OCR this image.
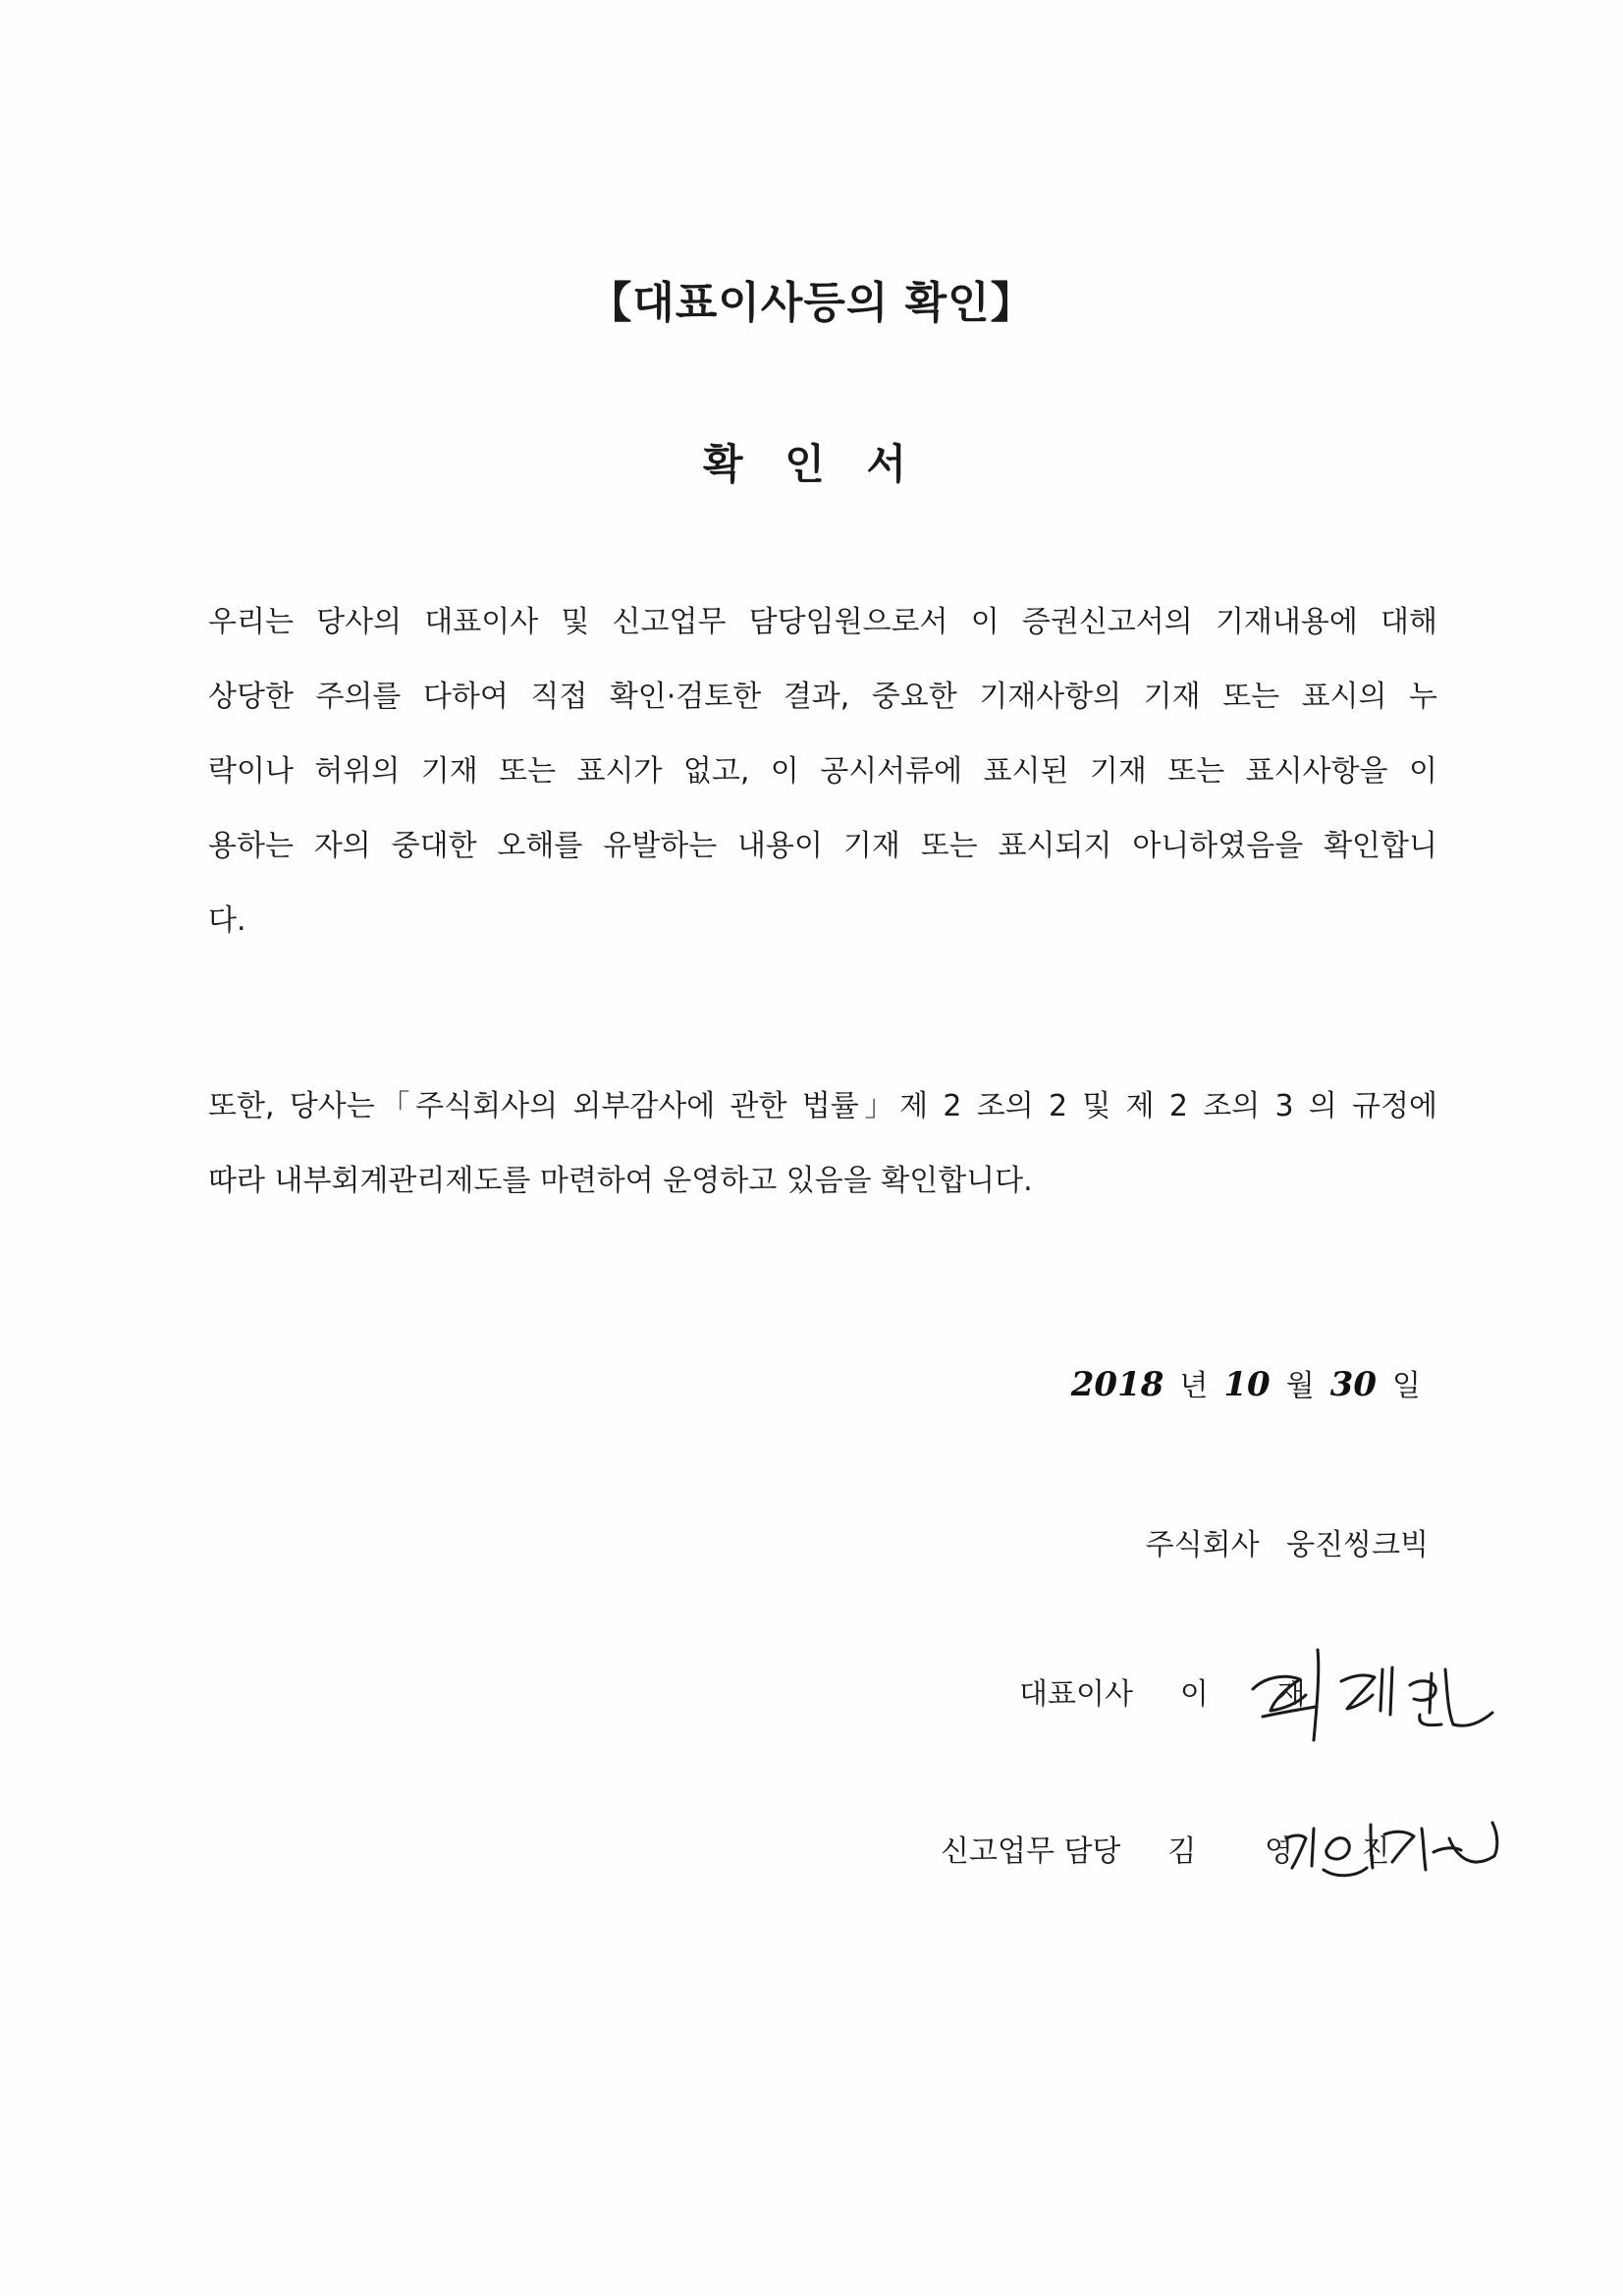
【대표이사등의 확인】
확 인 서
우리는 당사의 대표이사 및 신고업무 담당임원으로서 이 증권신고서의 기재내용에 대해
상당한 주의를 다하여 직접 확인·검토한 결과, 중요한 기재사항의 기재 또는 표시의 누
락이나 허위의 기재 또는 표시가 없고, 이 공시서류에 표시된 기재 또는 표시사항을 이
용하는 자의 중대한 오해를 유발하는 내용이 기재 또는 표시되지 아니하였음을 확인합니
다.
또한, 당사는「주식회사의 외부감사에 관한 법률」제 2 조의 2 및 제 2 조의 3 의 규정에
따라 내부회계관리제도를 마련하여 운영하고 있음을 확인합니다.
2018 년 10 월 30 일
주식회사 웅진씽크빅
대표이사 이 재
신고업무 담당 김 영 진
